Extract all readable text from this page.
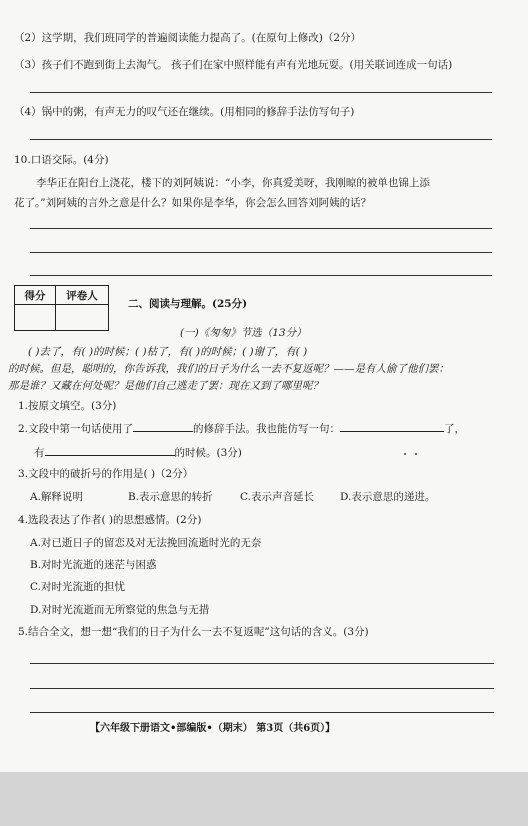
（2）这学期，我们班同学的普遍阅读能力提高了。(在原句上修改)（2分）
（3）孩子们不跑到街上去淘气。 孩子们在家中照样能有声有光地玩耍。(用关联词连成一句话)
（4）锅中的粥，有声无力的叹气还在继续。(用相同的修辞手法仿写句子)
10.口语交际。(4分)
李华正在阳台上浇花，楼下的刘阿姨说：“小李，你真爱美呀，我刚晾的被单也锦上添
花了。”刘阿姨的言外之意是什么？如果你是李华，你会怎么回答刘阿姨的话？
得分	评卷人

二、阅读与理解。(25分)
(一)《匆匆》节选（13分）
( )去了，有( )的时候；( )枯了，有( )的时候；( )谢了，有( )
的时候。但是，聪明的，你告诉我，我们的日子为什么一去不复返呢？——是有人偷了他们罢：
那是谁？又藏在何处呢？是他们自己逃走了罢：现在又到了哪里呢？
1.按原文填空。(3分)
2.文段中第一句话使用了	的修辞手法。我也能仿写一句：	了，
有	的时候。(3分)
3.文段中的破折号的作用是( )（2分）
A.解释说明	B.表示意思的转折	C.表示声音延长 D.表示意思的递进。
4.选段表达了作者( )的思想感情。(2分)
A.对已逝日子的留恋及对无法挽回流逝时光的无奈
B.对时光流逝的迷茫与困惑
C.对时光流逝的担忧
D.对时光流逝而无所察觉的焦急与无措
5.结合全文，想一想“我们的日子为什么一去不复返呢”这句话的含义。(3分)
【六年级下册语文•部编版•（期末） 第3页（共6页）】
